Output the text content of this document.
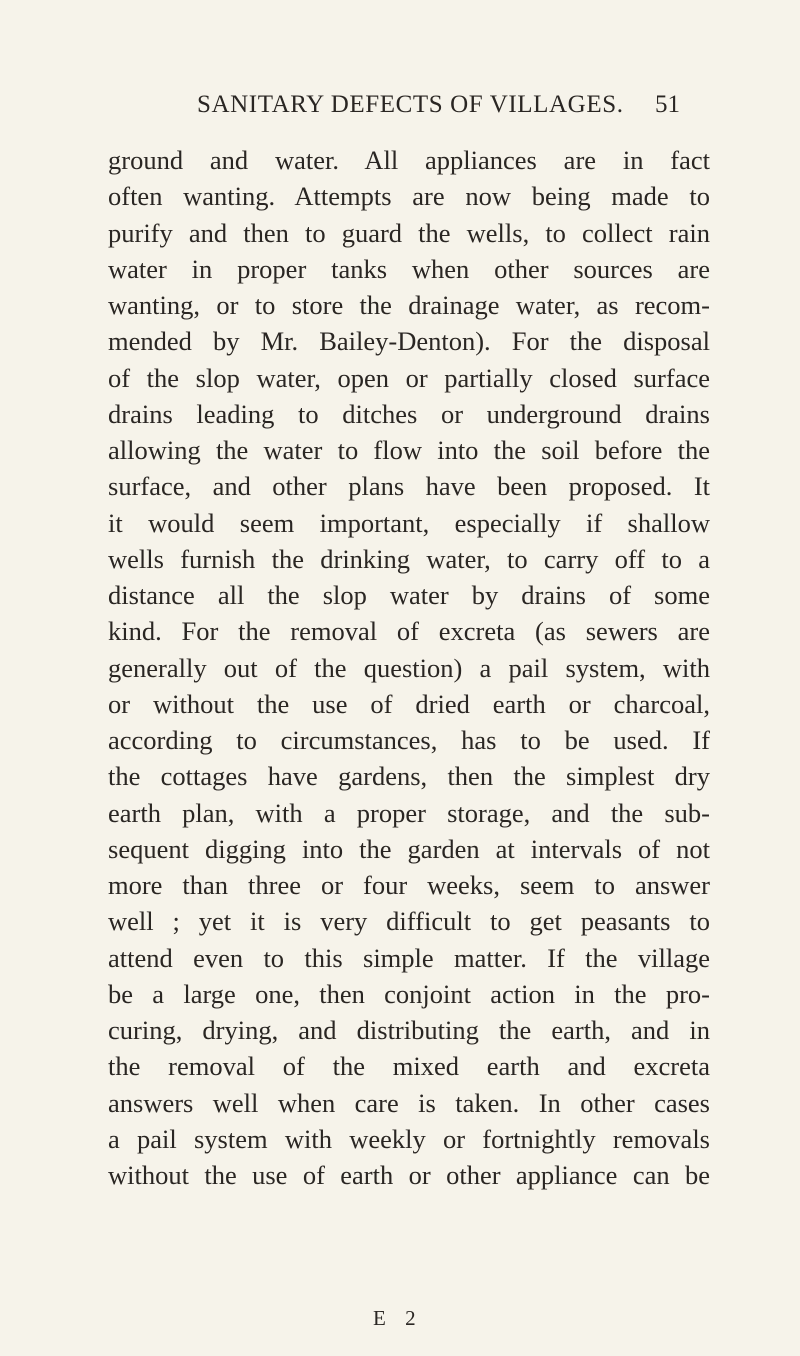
SANITARY DEFECTS OF VILLAGES. 51
ground and water. All appliances are in fact
often wanting. Attempts are now being made to
purify and then to guard the wells, to collect rain
water in proper tanks when other sources are
wanting, or to store the drainage water, as recom-
mended by Mr. Bailey-Denton). For the disposal
of the slop water, open or partially closed surface
drains leading to ditches or underground drains
allowing the water to flow into the soil before the
surface, and other plans have been proposed. It
it would seem important, especially if shallow
wells furnish the drinking water, to carry off to a
distance all the slop water by drains of some
kind. For the removal of excreta (as sewers are
generally out of the question) a pail system, with
or without the use of dried earth or charcoal,
according to circumstances, has to be used. If
the cottages have gardens, then the simplest dry
earth plan, with a proper storage, and the sub-
sequent digging into the garden at intervals of not
more than three or four weeks, seem to answer
well ; yet it is very difficult to get peasants to
attend even to this simple matter. If the village
be a large one, then conjoint action in the pro-
curing, drying, and distributing the earth, and in
the removal of the mixed earth and excreta
answers well when care is taken. In other cases
a pail system with weekly or fortnightly removals
without the use of earth or other appliance can be
E 2
